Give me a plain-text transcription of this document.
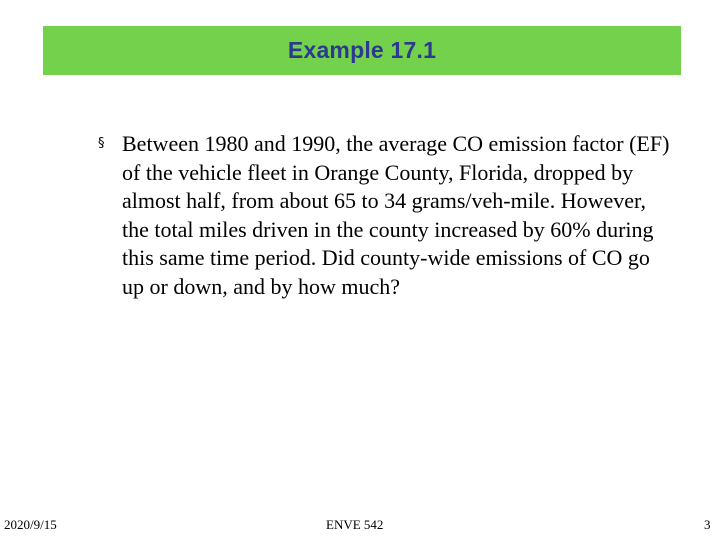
Example 17.1
§ Between 1980 and 1990, the average CO emission factor (EF) of the vehicle fleet in Orange County, Florida, dropped by almost half, from about 65 to 34 grams/veh-mile. However, the total miles driven in the county increased by 60% during this same time period. Did county-wide emissions of CO go up or down, and by how much?
2020/9/15	ENVE 542	3
